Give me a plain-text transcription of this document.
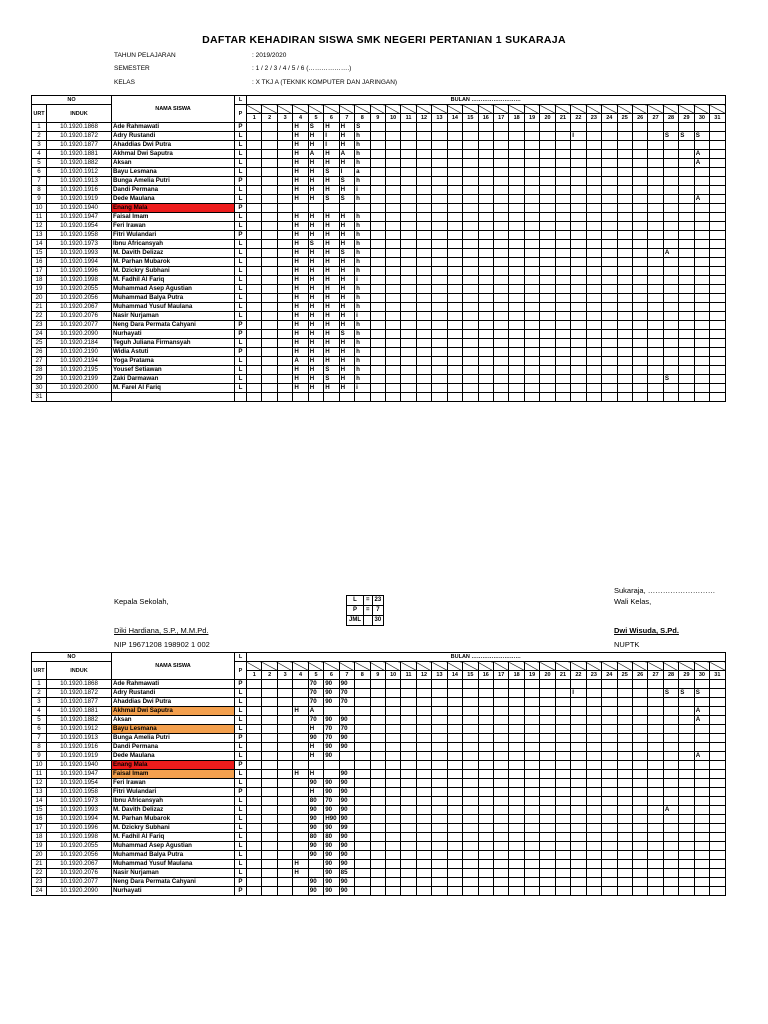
DAFTAR KEHADIRAN SISWA SMK NEGERI PERTANIAN 1 SUKARAJA
TAHUN PELAJARAN	: 2019/2020
SEMESTER	: 1 / 2 / 3 / 4 / 5 / 6 (……………….)
KELAS	: X TKJ A (TEKNIK KOMPUTER DAN JARINGAN)
NO		NAMA SISWA	L	BULAN ………………………																														
URT	INDUK		P																															
				1	2	3	4	5	6	7	8	9	10	11	12	13	14	15	16	17	18	19	20	21	22	23	24	25	26	27	28	29	30	31
1	10.1920.1868	Ade Rahmawati	P				H	S	H	H	S																							
2	10.1920.1872	Adry Rustandi	L				H	H	I	H	h														I						S	S	S	
3	10.1920.1877	Ahaddias Dwi Putra	L				H	H	I	H	h																							
4	10.1920.1881	Akhmal Dwi Saputra	L				H	A	H	A	h																						A	
5	10.1920.1882	Aksan	L				H	H	H	H	h																						A	
6	10.1920.1912	Bayu Lesmana	L				H	H	S	I	a																							
7	10.1920.1913	Bunga Amelia Putri	P				H	H	H	S	h																							
8	10.1920.1916	Dandi Permana	L				H	H	H	H	i																							
9	10.1920.1919	Dede Maulana	L				H	H	S	S	h																						A	
10	10.1920.1940	Enang Mala	P																															
11	10.1920.1947	Faisal Imam	L				H	H	H	H	h																							
12	10.1920.1954	Feri Irawan	L				H	H	H	H	h																							
13	10.1920.1958	Fitri Wulandari	P				H	H	H	H	h																							
14	10.1920.1973	Ibnu Africansyah	L				H	S	H	H	h																							
15	10.1920.1993	M. Davith Delizaz	L				H	H	H	S	h																				A			
16	10.1920.1994	M. Parhan Mubarok	L				H	H	H	H	h																							
17	10.1920.1996	M. Dzickry Subhani	L				H	H	H	H	h																							
18	10.1920.1998	M. Fadhil Al Fariq	L				H	H	H	H	i																							
19	10.1920.2055	Muhammad Asep Agustian	L				H	H	H	H	h																							
20	10.1920.2056	Muhammad Balya Putra	L				H	H	H	H	h																							
21	10.1920.2067	Muhammad Yusuf Maulana	L				H	H	H	H	h																							
22	10.1920.2076	Nasir Nurjaman	L				H	H	H	H	i																							
23	10.1920.2077	Neng Dara Permata Cahyani	P				H	H	H	H	h																							
24	10.1920.2090	Nurhayati	P				H	H	H	S	h																							
25	10.1920.2184	Teguh Juliana Firmansyah	L				H	H	H	H	h																							
26	10.1920.2190	Widia Astuti	P				H	H	H	H	h																							
27	10.1920.2194	Yoga Pratama	L				A	H	H	H	h																							
28	10.1920.2195	Yousef Setiawan	L				H	H	S	H	h																							
29	10.1920.2199	Zaki Darmawan	L				H	H	S	H	h																				S			
30	10.1920.2000	M. Farel Al Fariq	L				H	H	H	H	i																							
31																																		
Kepala Sekolah,
Diki Hardiana, S.P., M.M.Pd.
NIP 19671208 198902 1 002
Sukaraja, ………………………
Wali Kelas,
Dwi Wisuda, S.Pd.
NUPTK
L	=	23
P	=	7
JML		30
NO		NAMA SISWA	L	BULAN ………………………																														
URT	INDUK		P																															
				1	2	3	4	5	6	7	8	9	10	11	12	13	14	15	16	17	18	19	20	21	22	23	24	25	26	27	28	29	30	31
1	10.1920.1868	Ade Rahmawati	P					70	90	90																								
2	10.1920.1872	Adry Rustandi	L					70	90	70															I						S	S	S	
3	10.1920.1877	Ahaddias Dwi Putra	L					70	90	70																								
4	10.1920.1881	Akhmal Dwi Saputra	L				H	A																									A	
5	10.1920.1882	Aksan	L					70	90	90																							A	
6	10.1920.1912	Bayu Lesmana	L					H	70	70																								
7	10.1920.1913	Bunga Amelia Putri	P					90	70	90																								
8	10.1920.1916	Dandi Permana	L					H	90	90																								
9	10.1920.1919	Dede Maulana	L					H	90																								A	
10	10.1920.1940	Enang Mala	P																															
11	10.1920.1947	Faisal Imam	L				H	H		90																								
12	10.1920.1954	Feri Irawan	L					90	90	90																								
13	10.1920.1958	Fitri Wulandari	P					H	90	90																								
14	10.1920.1973	Ibnu Africansyah	L					80	70	90																								
15	10.1920.1993	M. Davith Delizaz	L					90	90	90																					A			
16	10.1920.1994	M. Parhan Mubarok	L					90	H90	90																								
17	10.1920.1996	M. Dzickry Subhani	L					90	90	99																								
18	10.1920.1998	M. Fadhil Al Fariq	L					80	80	90																								
19	10.1920.2055	Muhammad Asep Agustian	L					90	90	90																								
20	10.1920.2056	Muhammad Balya Putra	L					90	90	90																								
21	10.1920.2067	Muhammad Yusuf Maulana	L				H		90	90																								
22	10.1920.2076	Nasir Nurjaman	L				H		90	85																								
23	10.1920.2077	Neng Dara Permata Cahyani	P					90	90	90																								
24	10.1920.2090	Nurhayati	P					90	90	90																								
